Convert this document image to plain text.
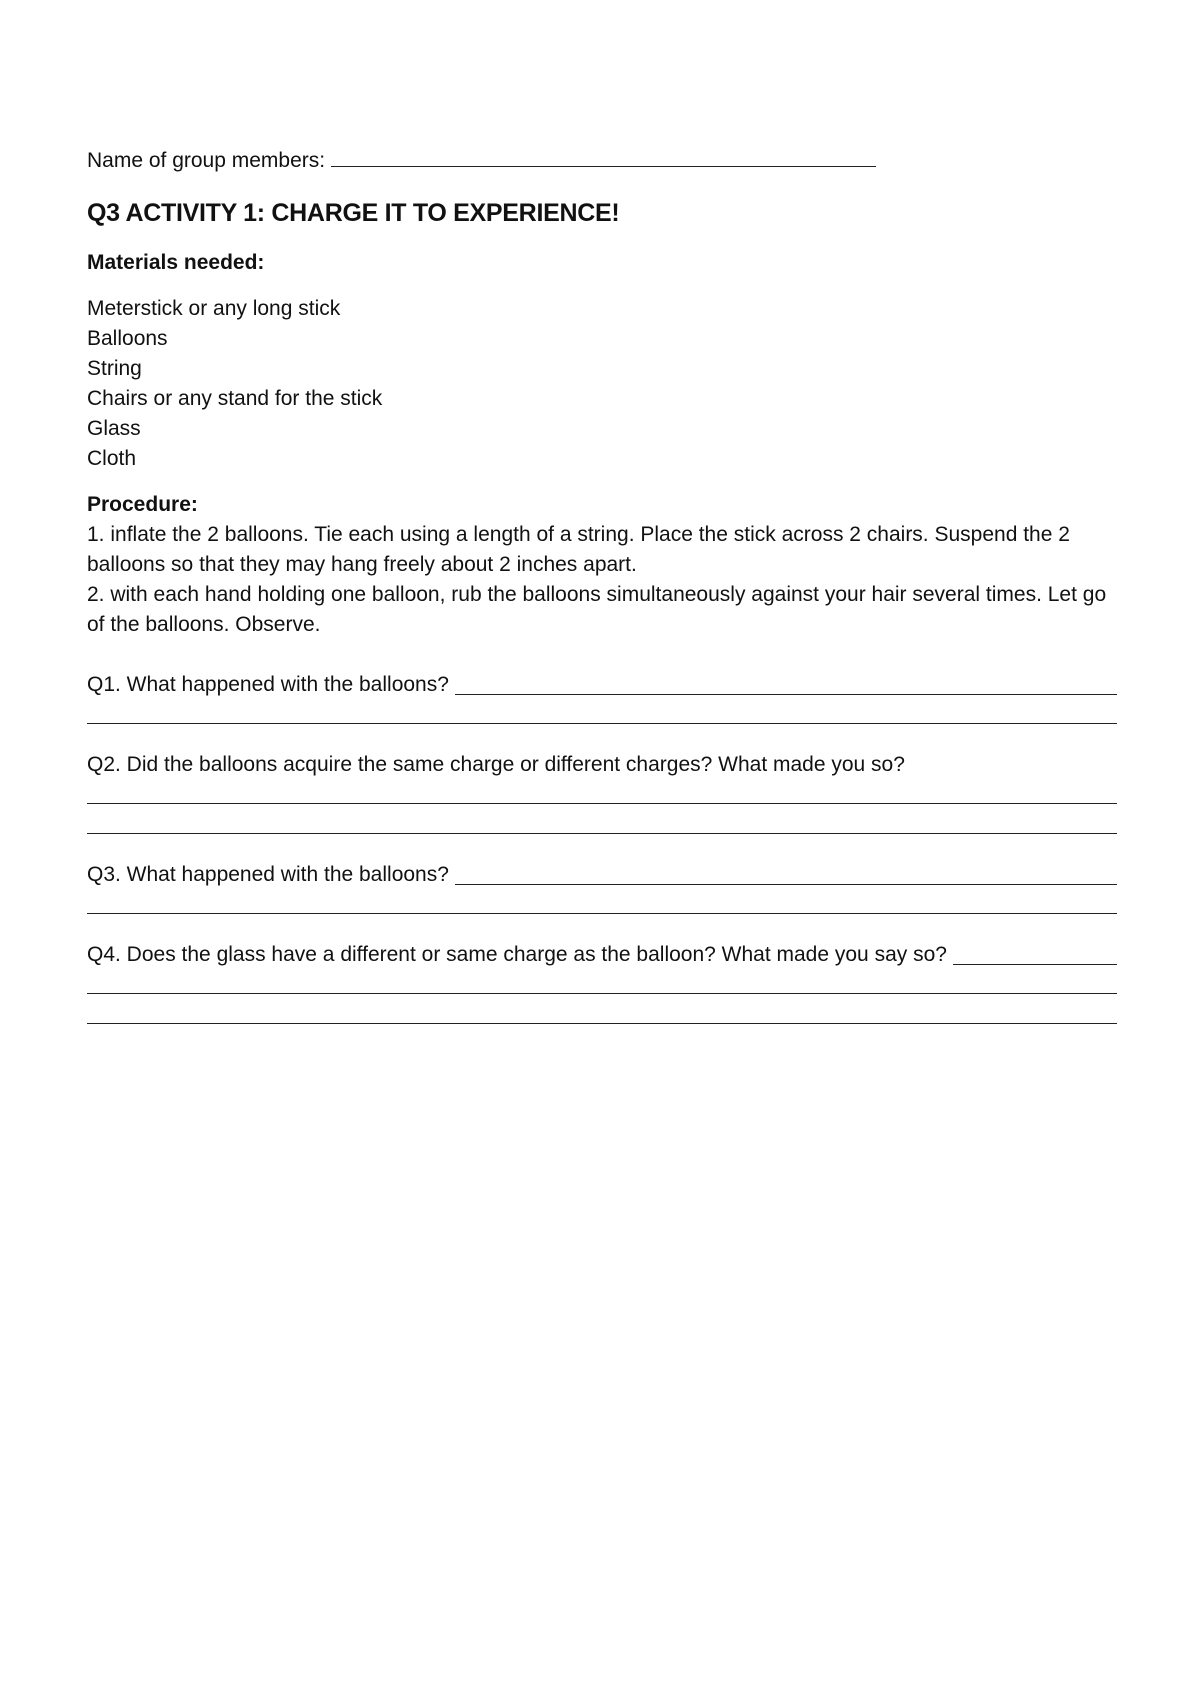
Name of group members:
Q3 ACTIVITY 1: CHARGE IT TO EXPERIENCE!
Materials needed:
Meterstick or any long stick
Balloons
String
Chairs or any stand for the stick
Glass
Cloth
Procedure:
1. inflate the 2 balloons. Tie each using a length of a string. Place the stick across 2 chairs. Suspend the 2 balloons so that they may hang freely about 2 inches apart.
2. with each hand holding one balloon, rub the balloons simultaneously against your hair several times. Let go of the balloons. Observe.
Q1. What happened with the balloons?
Q2. Did the balloons acquire the same charge or different charges? What made you so?
Q3. What happened with the balloons?
Q4. Does the glass have a different or same charge as the balloon? What made you say so?
